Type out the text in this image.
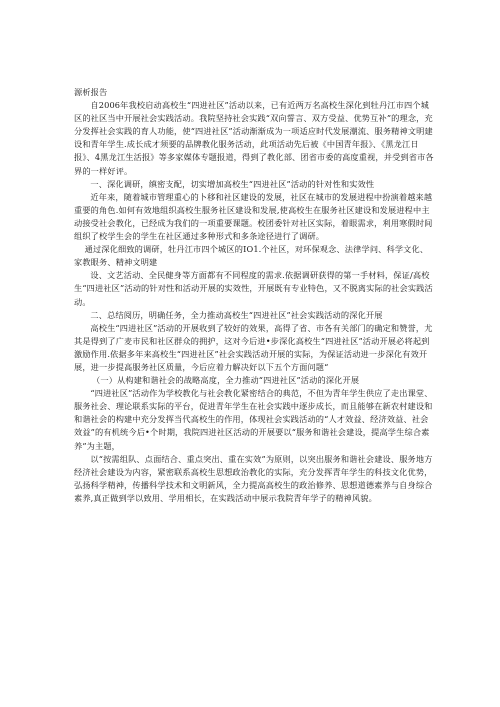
源析报告

自2006年我校启动高校生“四进社区”活动以来，已有近两万名高校生深化到牡丹江市四个城区的社区当中开展社会实践活动。我院坚持社会实践“双向誓言、双方受益、优势互补”的理念，充分发挥社会实践的育人功能，使“四进社区”活动渐渐成为一项适应时代发展潮流、服务精神文明建设和青年学生.成长成才须要的品牌教化服务活动，此项活动先后被《中国青年报》、《黑龙江日报》、4黑龙江生活报》等多家媒体专题报道，得到了教化部、团省市委的高度重视，并受到省市各界的一样好评。

一、深化调研，缜密支配，切实增加高校生“四进社区”活动的针对性和实效性

近年来，随着城市管理重心的卜移和社区建设的发展，社区在城市的发展进程中扮演着越来越重要的角色.如何有效地组织高校生服务社区建设和发展,使高校生在服务社区建设和发展进程中主动接受社会教化，已经成为我们的一项重要课题。校团委针对社区实际，着眼需求，利用寒假时间组织了校学生会的学生在社区通过多种形式和多条途径进行了调研。

通过深化细致的调研，牡丹江市四个城区的IO1.个社区，对环保观念、法律学问、科学文化、家教眼务、精神文明建

设、文艺活动、全民健身等方面都有不同程度的需求.依据调研获得的第一手材料，保证/高校生“四进社区”活动的针对性和活动开展的实效性，开展既有专业特色，又不脱离实际的社会实践活动。

二、总结阅历，明确任务，全力推动高校生“四进社区”社会实践活动的深化开展

高校生“四进社区”活动的开展收到了较好的效果，高得了省、市各有关部门的确定和赞誉，尤其是得到了广麦市民和社区群众的拥护，这对今后进•步深化高校生“四进社区”活动开展必将起到激励作用.依据多年来高校生“四进社区”社会实践活动开展的实际，为保证活动进一步深化有效开展，进一步提高服务社区质量，今后应着力解决好以下五个方面问题“

（一）从构建和谐社会的战略高度，全力推动“四进社区”活动的深化开展

“四进社区”活动作为学校教化与社会教化紧密结合的典范，不但为青年学生供应了走出课堂、服务社会、理论联系实际的平台，促进青年学生在社会实践中逐步成长，而且能够在新农村建设和和谐社会的构建中充分发挥当代高校生的作用，体现社会实践活动的“人才效益、经济效益、社会效益”的有机统今后•个时期，我院四进社区活动的开展要以“服务和谐社会建设，提高学生综合素养”为主题，

以“按需组队、点面结合、重点突出、重在实效”为原则，以突出服务和谐社会建设、服务地方经济社会建设为内容，紧密联系高校生思想政治教化的实际，充分发挥青年学生的科技文化优势，弘扬科学精神，传播科学技术和文明新风，全力提高高校生的政治修养、思想道德素养与自身综合素养,真正做到学以致用、学用相长，在实践活动中展示我院青年学子的精神风貌。
